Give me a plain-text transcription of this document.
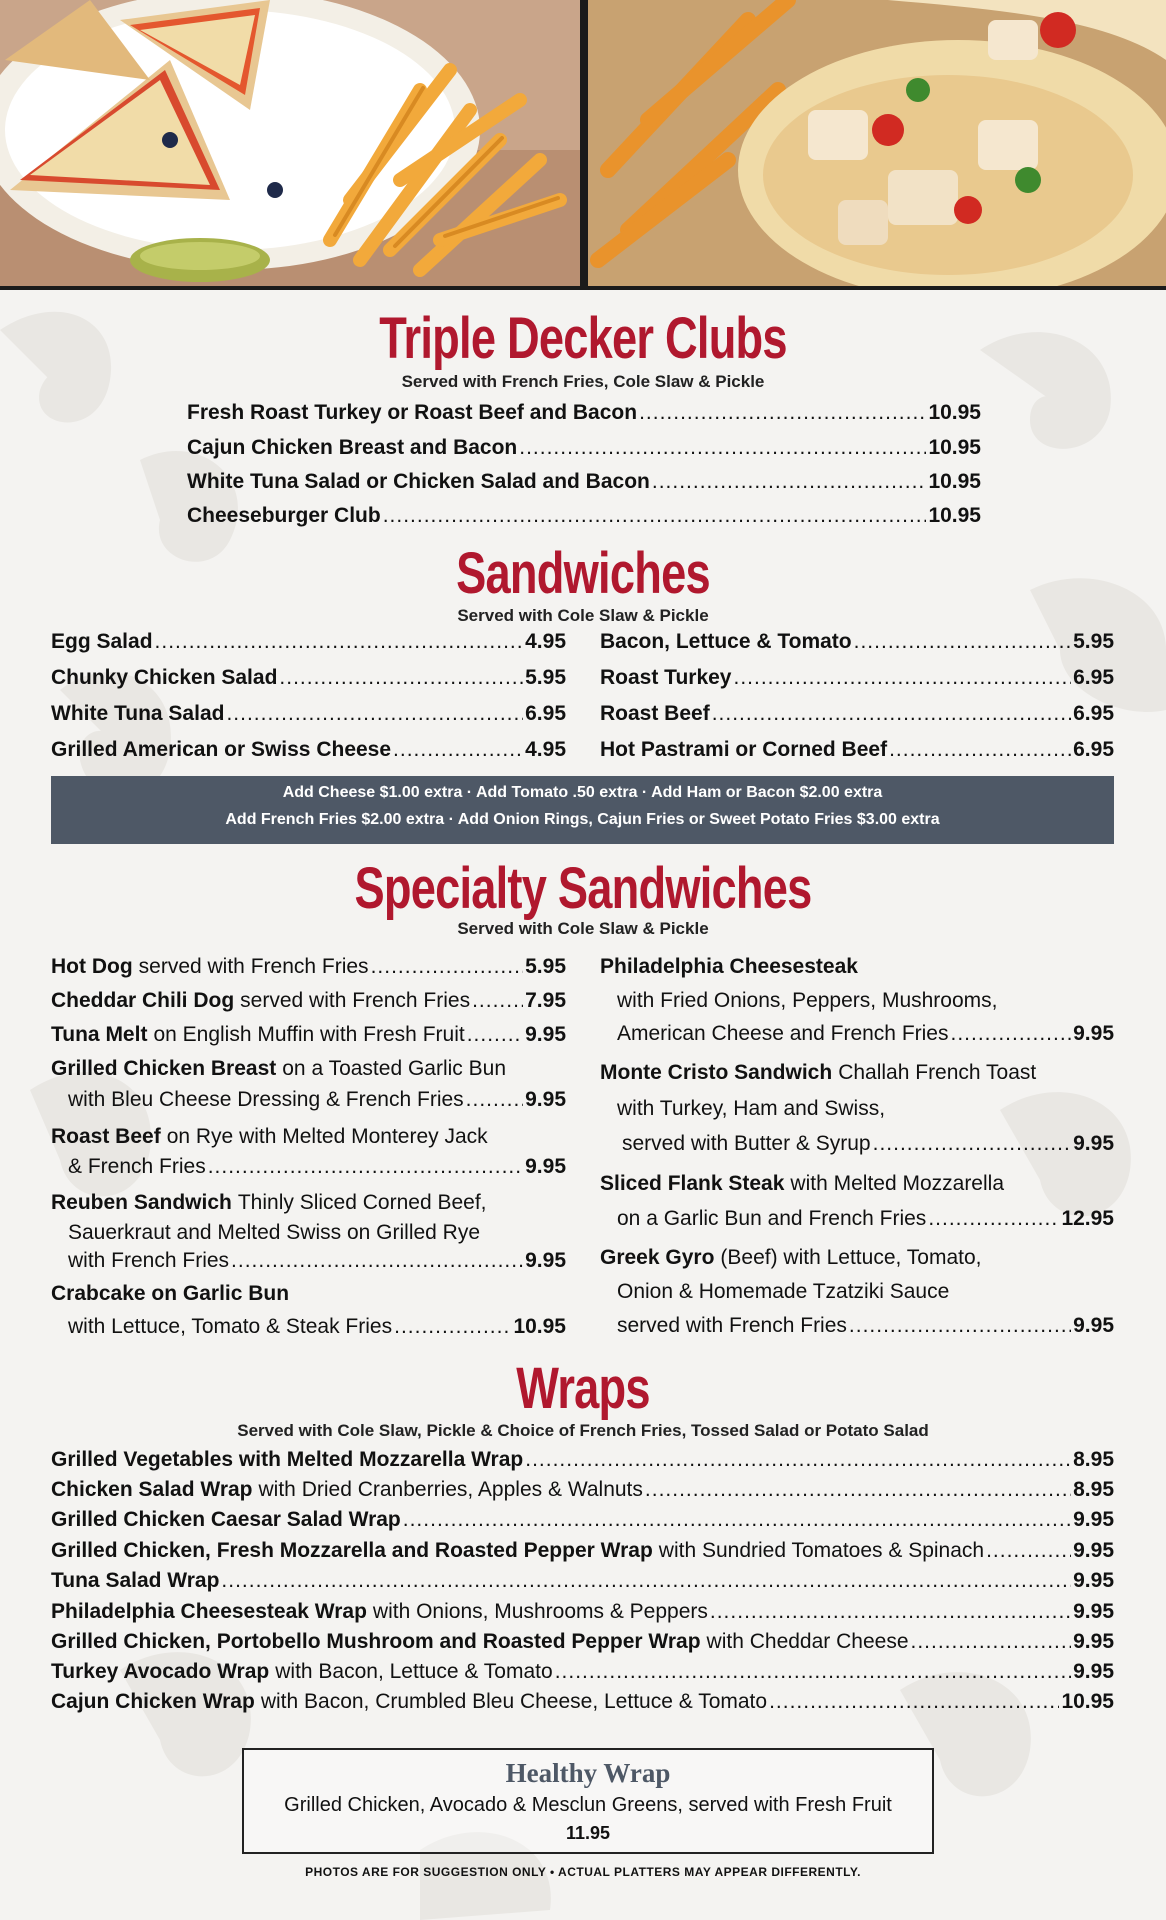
Triple Decker Clubs
Served with French Fries, Cole Slaw & Pickle
Fresh Roast Turkey or Roast Beef and Bacon .....	10.95
Cajun Chicken Breast and Bacon .....	10.95
White Tuna Salad or Chicken Salad and Bacon .....	10.95
Cheeseburger Club .....	10.95
Sandwiches
Served with Cole Slaw & Pickle
Egg Salad .....	4.95
Chunky Chicken Salad .....	5.95
White Tuna Salad .....	6.95
Grilled American or Swiss Cheese .....	4.95
Bacon, Lettuce & Tomato .....	5.95
Roast Turkey .....	6.95
Roast Beef .....	6.95
Hot Pastrami or Corned Beef .....	6.95
Add Cheese $1.00 extra · Add Tomato .50 extra · Add Ham or Bacon $2.00 extra
Add French Fries $2.00 extra · Add Onion Rings, Cajun Fries or Sweet Potato Fries $3.00 extra
Specialty Sandwiches
Served with Cole Slaw & Pickle
Hot Dog served with French Fries .....	5.95
Cheddar Chili Dog served with French Fries .....	7.95
Tuna Melt on English Muffin with Fresh Fruit .....	9.95
Grilled Chicken Breast on a Toasted Garlic Bun
with Bleu Cheese Dressing & French Fries .....	9.95
Roast Beef on Rye with Melted Monterey Jack
& French Fries .....	9.95
Reuben Sandwich Thinly Sliced Corned Beef,
Sauerkraut and Melted Swiss on Grilled Rye
with French Fries .....	9.95
Crabcake on Garlic Bun
with Lettuce, Tomato & Steak Fries .....	10.95
Philadelphia Cheesesteak
with Fried Onions, Peppers, Mushrooms,
American Cheese and French Fries .....	9.95
Monte Cristo Sandwich Challah French Toast
with Turkey, Ham and Swiss,
served with Butter & Syrup .....	9.95
Sliced Flank Steak with Melted Mozzarella
on a Garlic Bun and French Fries .....	12.95
Greek Gyro (Beef) with Lettuce, Tomato,
Onion & Homemade Tzatziki Sauce
served with French Fries .....	9.95
Wraps
Served with Cole Slaw, Pickle & Choice of French Fries, Tossed Salad or Potato Salad
Grilled Vegetables with Melted Mozzarella Wrap .....	8.95
Chicken Salad Wrap with Dried Cranberries, Apples & Walnuts .....	8.95
Grilled Chicken Caesar Salad Wrap .....	9.95
Grilled Chicken, Fresh Mozzarella and Roasted Pepper Wrap with Sundried Tomatoes & Spinach .....	9.95
Tuna Salad Wrap .....	9.95
Philadelphia Cheesesteak Wrap with Onions, Mushrooms & Peppers .....	9.95
Grilled Chicken, Portobello Mushroom and Roasted Pepper Wrap with Cheddar Cheese .....	9.95
Turkey Avocado Wrap with Bacon, Lettuce & Tomato .....	9.95
Cajun Chicken Wrap with Bacon, Crumbled Bleu Cheese, Lettuce & Tomato .....	10.95
Healthy Wrap
Grilled Chicken, Avocado & Mesclun Greens, served with Fresh Fruit
11.95
PHOTOS ARE FOR SUGGESTION ONLY • ACTUAL PLATTERS MAY APPEAR DIFFERENTLY.
